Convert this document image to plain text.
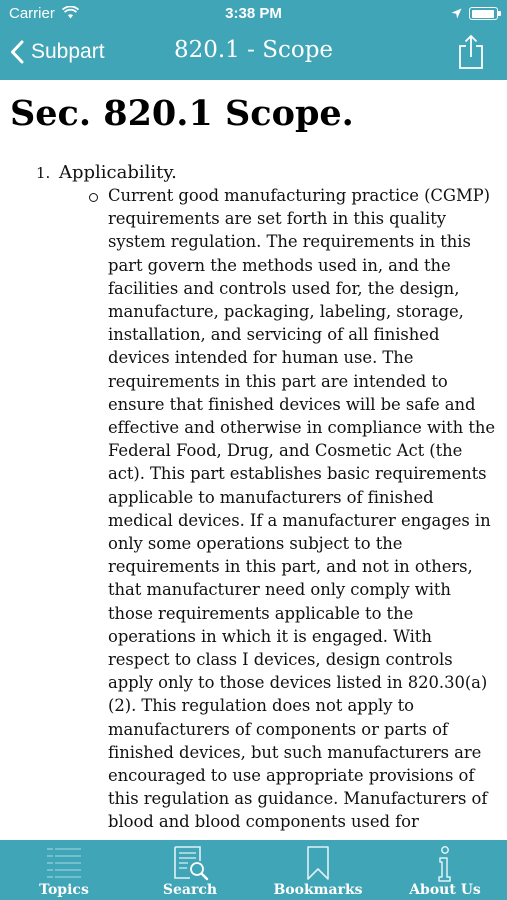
Carrier	3:38 PM
Subpart	820.1 - Scope
Sec. 820.1 Scope.
1. Applicability.

Current good manufacturing practice (CGMP) requirements are set forth in this quality system regulation. The requirements in this part govern the methods used in, and the facilities and controls used for, the design, manufacture, packaging, labeling, storage, installation, and servicing of all finished devices intended for human use. The requirements in this part are intended to ensure that finished devices will be safe and effective and otherwise in compliance with the Federal Food, Drug, and Cosmetic Act (the act). This part establishes basic requirements applicable to manufacturers of finished medical devices. If a manufacturer engages in only some operations subject to the requirements in this part, and not in others, that manufacturer need only comply with those requirements applicable to the operations in which it is engaged. With respect to class I devices, design controls apply only to those devices listed in 820.30(a)(2). This regulation does not apply to manufacturers of components or parts of finished devices, but such manufacturers are encouraged to use appropriate provisions of this regulation as guidance. Manufacturers of blood and blood components used for

Topics	Search	Bookmarks	About Us
